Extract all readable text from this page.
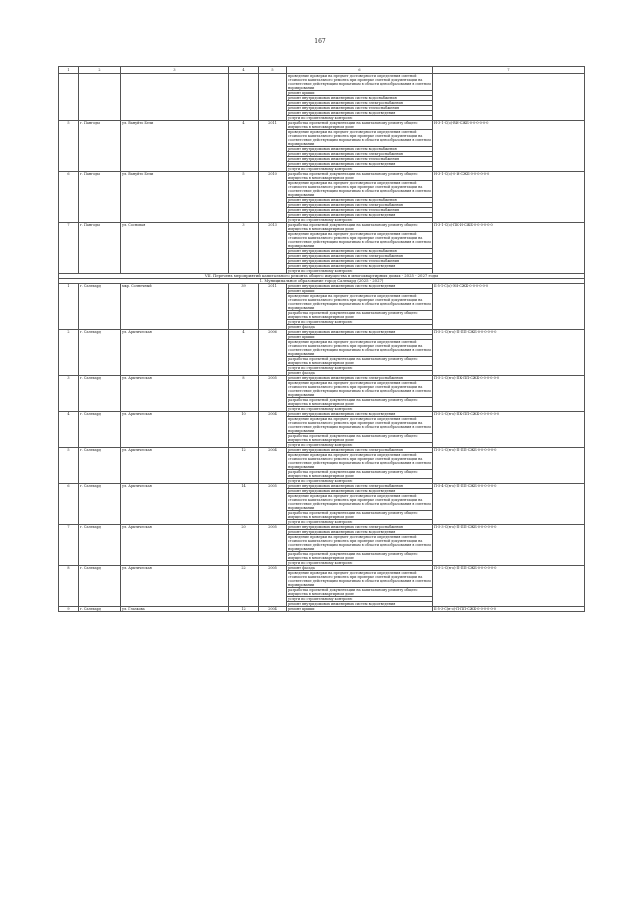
167
1	2	3	4	5	6	7
					проведение проверки на предмет достоверности определения сметной стоимости капитального ремонта при проверке сметной документации на соответствие действующим нормативам в области ценообразования в сметном нормировании	
					ремонт крыши	
					ремонт внутридомовых инженерных систем водоснабжения	
					ремонт внутридомовых инженерных систем электроснабжения	
					ремонт внутридомовых инженерных систем теплоснабжения	
					ремонт внутридомовых инженерных систем водоотведения	
					услуги по строительному контролю	
5	г. Пангоды	ул. Вануйто Бели	4	2011	разработка проектной документации на капитальному ремонту общего имущества в многоквартирном доме	Н-3-1-С(о)-ВИ-СЖБ-0-0-0-0-0-0
					проведение проверки на предмет достоверности определения сметной стоимости капитального ремонта при проверке сметной документации на соответствие действующим нормативам в области ценообразования в сметном нормировании	
					ремонт внутридомовых инженерных систем водоснабжения	
					ремонт внутридомовых инженерных систем электроснабжения	
					ремонт внутридомовых инженерных систем теплоснабжения	
					ремонт внутридомовых инженерных систем водоотведения	
					услуги по строительному контролю	
6	г. Пангоды	ул. Вануйто Бели	5	2010	разработка проектной документации на капитальному ремонту общего имущества в многоквартирном доме	Н-3-1-С(о)-0-И-СЖБ-0-0-0-0-0-0
					проведение проверки на предмет достоверности определения сметной стоимости капитального ремонта при проверке сметной документации на соответствие действующим нормативам в области ценообразования в сметном нормировании	
					ремонт внутридомовых инженерных систем водоснабжения	
					ремонт внутридомовых инженерных систем электроснабжения	
					ремонт внутридомовых инженерных систем теплоснабжения	
					ремонт внутридомовых инженерных систем водоотведения	
					услуги по строительному контролю	
7	г. Пангоды	ул. Сосновая	3	2013	разработка проектной документации на капитальному ремонту общего имущества в многоквартирном доме	П-3-1-С(о)-ПК-И-СЖБ-0-0-0-0-0-0
					проведение проверки на предмет достоверности определения сметной стоимости капитального ремонта при проверке сметной документации на соответствие действующим нормативам в области ценообразования в сметном нормировании	
					ремонт внутридомовых инженерных систем водоснабжения	
					ремонт внутридомовых инженерных систем электроснабжения	
					ремонт внутридомовых инженерных систем теплоснабжения	
					ремонт внутридомовых инженерных систем водоотведения	
					услуги по строительному контролю	
VII. Перечень мероприятий капитального ремонта общего имущества в многоквартирных домах - 2025 - 2027 годы						
1. Муниципальное образование город Салехард (2025 - 2027)						
1	г. Салехард	мкр. Солнечный	39	2011	ремонт внутридомовых инженерных систем водоотведения	Б-5-1-С(о)-ЭИ-СЖБ-0-0-0-0-0-0
					ремонт крыши	
					проведение проверки на предмет достоверности определения сметной стоимости капитального ремонта при проверке сметной документации на соответствие действующим нормативам в области ценообразования в сметном нормировании	
					разработка проектной документации на капитальному ремонту общего имущества в многоквартирном доме	
					услуги по строительному контролю	
					ремонт фасада	
2	г. Салехард	ул. Арктическая	4	2006	ремонт внутридомовых инженерных систем водоотведения	П-5-2-С(н-о)-П-ПП-СЖБ-0-0-0-0-0-0
					ремонт крыши	
					проведение проверки на предмет достоверности определения сметной стоимости капитального ремонта при проверке сметной документации на соответствие действующим нормативам в области ценообразования в сметном нормировании	
					разработка проектной документации на капитальному ремонту общего имущества в многоквартирном доме	
					услуги по строительному контролю	
					ремонт фасада	
3	г. Салехард	ул. Арктическая	8	2005	ремонт внутридомовых инженерных систем электроснабжения	П-5-2-С(н-о)-ПК-ПП-СЖБ-0-0-0-0-0-0
					проведение проверки на предмет достоверности определения сметной стоимости капитального ремонта при проверке сметной документации на соответствие действующим нормативам в области ценообразования в сметном нормировании	
					разработка проектной документации на капитальному ремонту общего имущества в многоквартирном доме	
					услуги по строительному контролю	
4	г. Салехард	ул. Арктическая	10	2004	ремонт внутридомовых инженерных систем водоотведения	П-5-2-С(н-о)-ПК-ПП-СЖБ-0-0-0-0-0-0
					проведение проверки на предмет достоверности определения сметной стоимости капитального ремонта при проверке сметной документации на соответствие действующим нормативам в области ценообразования в сметном нормировании	
					разработка проектной документации на капитальному ремонту общего имущества в многоквартирном доме	
					услуги по строительному контролю	
5	г. Салехард	ул. Арктическая	12	2004	ремонт внутридомовых инженерных систем электроснабжения	П-5-2-С(н-о)-П-ПП-СЖБ-0-0-0-0-0-0
					проведение проверки на предмет достоверности определения сметной стоимости капитального ремонта при проверке сметной документации на соответствие действующим нормативам в области ценообразования в сметном нормировании	
					разработка проектной документации на капитальному ремонту общего имущества в многоквартирном доме	
					услуги по строительному контролю	
6	г. Салехард	ул. Арктическая	14	2005	ремонт внутридомовых инженерных систем электроснабжения	П-5-4-С(н-о)-П-ПП-СЖБ-0-0-0-0-0-0
					ремонт внутридомовых инженерных систем водоотведения	
					проведение проверки на предмет достоверности определения сметной стоимости капитального ремонта при проверке сметной документации на соответствие действующим нормативам в области ценообразования в сметном нормировании	
					разработка проектной документации на капитальному ремонту общего имущества в многоквартирном доме	
					услуги по строительному контролю	
7	г. Салехард	ул. Арктическая	20	2005	ремонт внутридомовых инженерных систем электроснабжения	П-5-3-С(н-о)-П-ПП-СЖБ-0-0-0-0-0-0
					ремонт внутридомовых инженерных систем водоотведения	
					проведение проверки на предмет достоверности определения сметной стоимости капитального ремонта при проверке сметной документации на соответствие действующим нормативам в области ценообразования в сметном нормировании	
					разработка проектной документации на капитальному ремонту общего имущества в многоквартирном доме	
					услуги по строительному контролю	
8	г. Салехард	ул. Арктическая	22	2005	ремонт фасада	П-5-2-С(н-о)-П-ПП-СЖБ-0-0-0-0-0-0
					проведение проверки на предмет достоверности определения сметной стоимости капитального ремонта при проверке сметной документации на соответствие действующим нормативам в области ценообразования в сметном нормировании	
					разработка проектной документации на капитальному ремонту общего имущества в многоквартирном доме	
					услуги по строительному контролю	
					ремонт внутридомовых инженерных систем водоотведения	
9	г. Салехард	ул. Глазкова	12	2004	ремонт крыши	Б-5-3-С(н-о)-П-ПП-СЖБ-0-0-0-0-0-0
